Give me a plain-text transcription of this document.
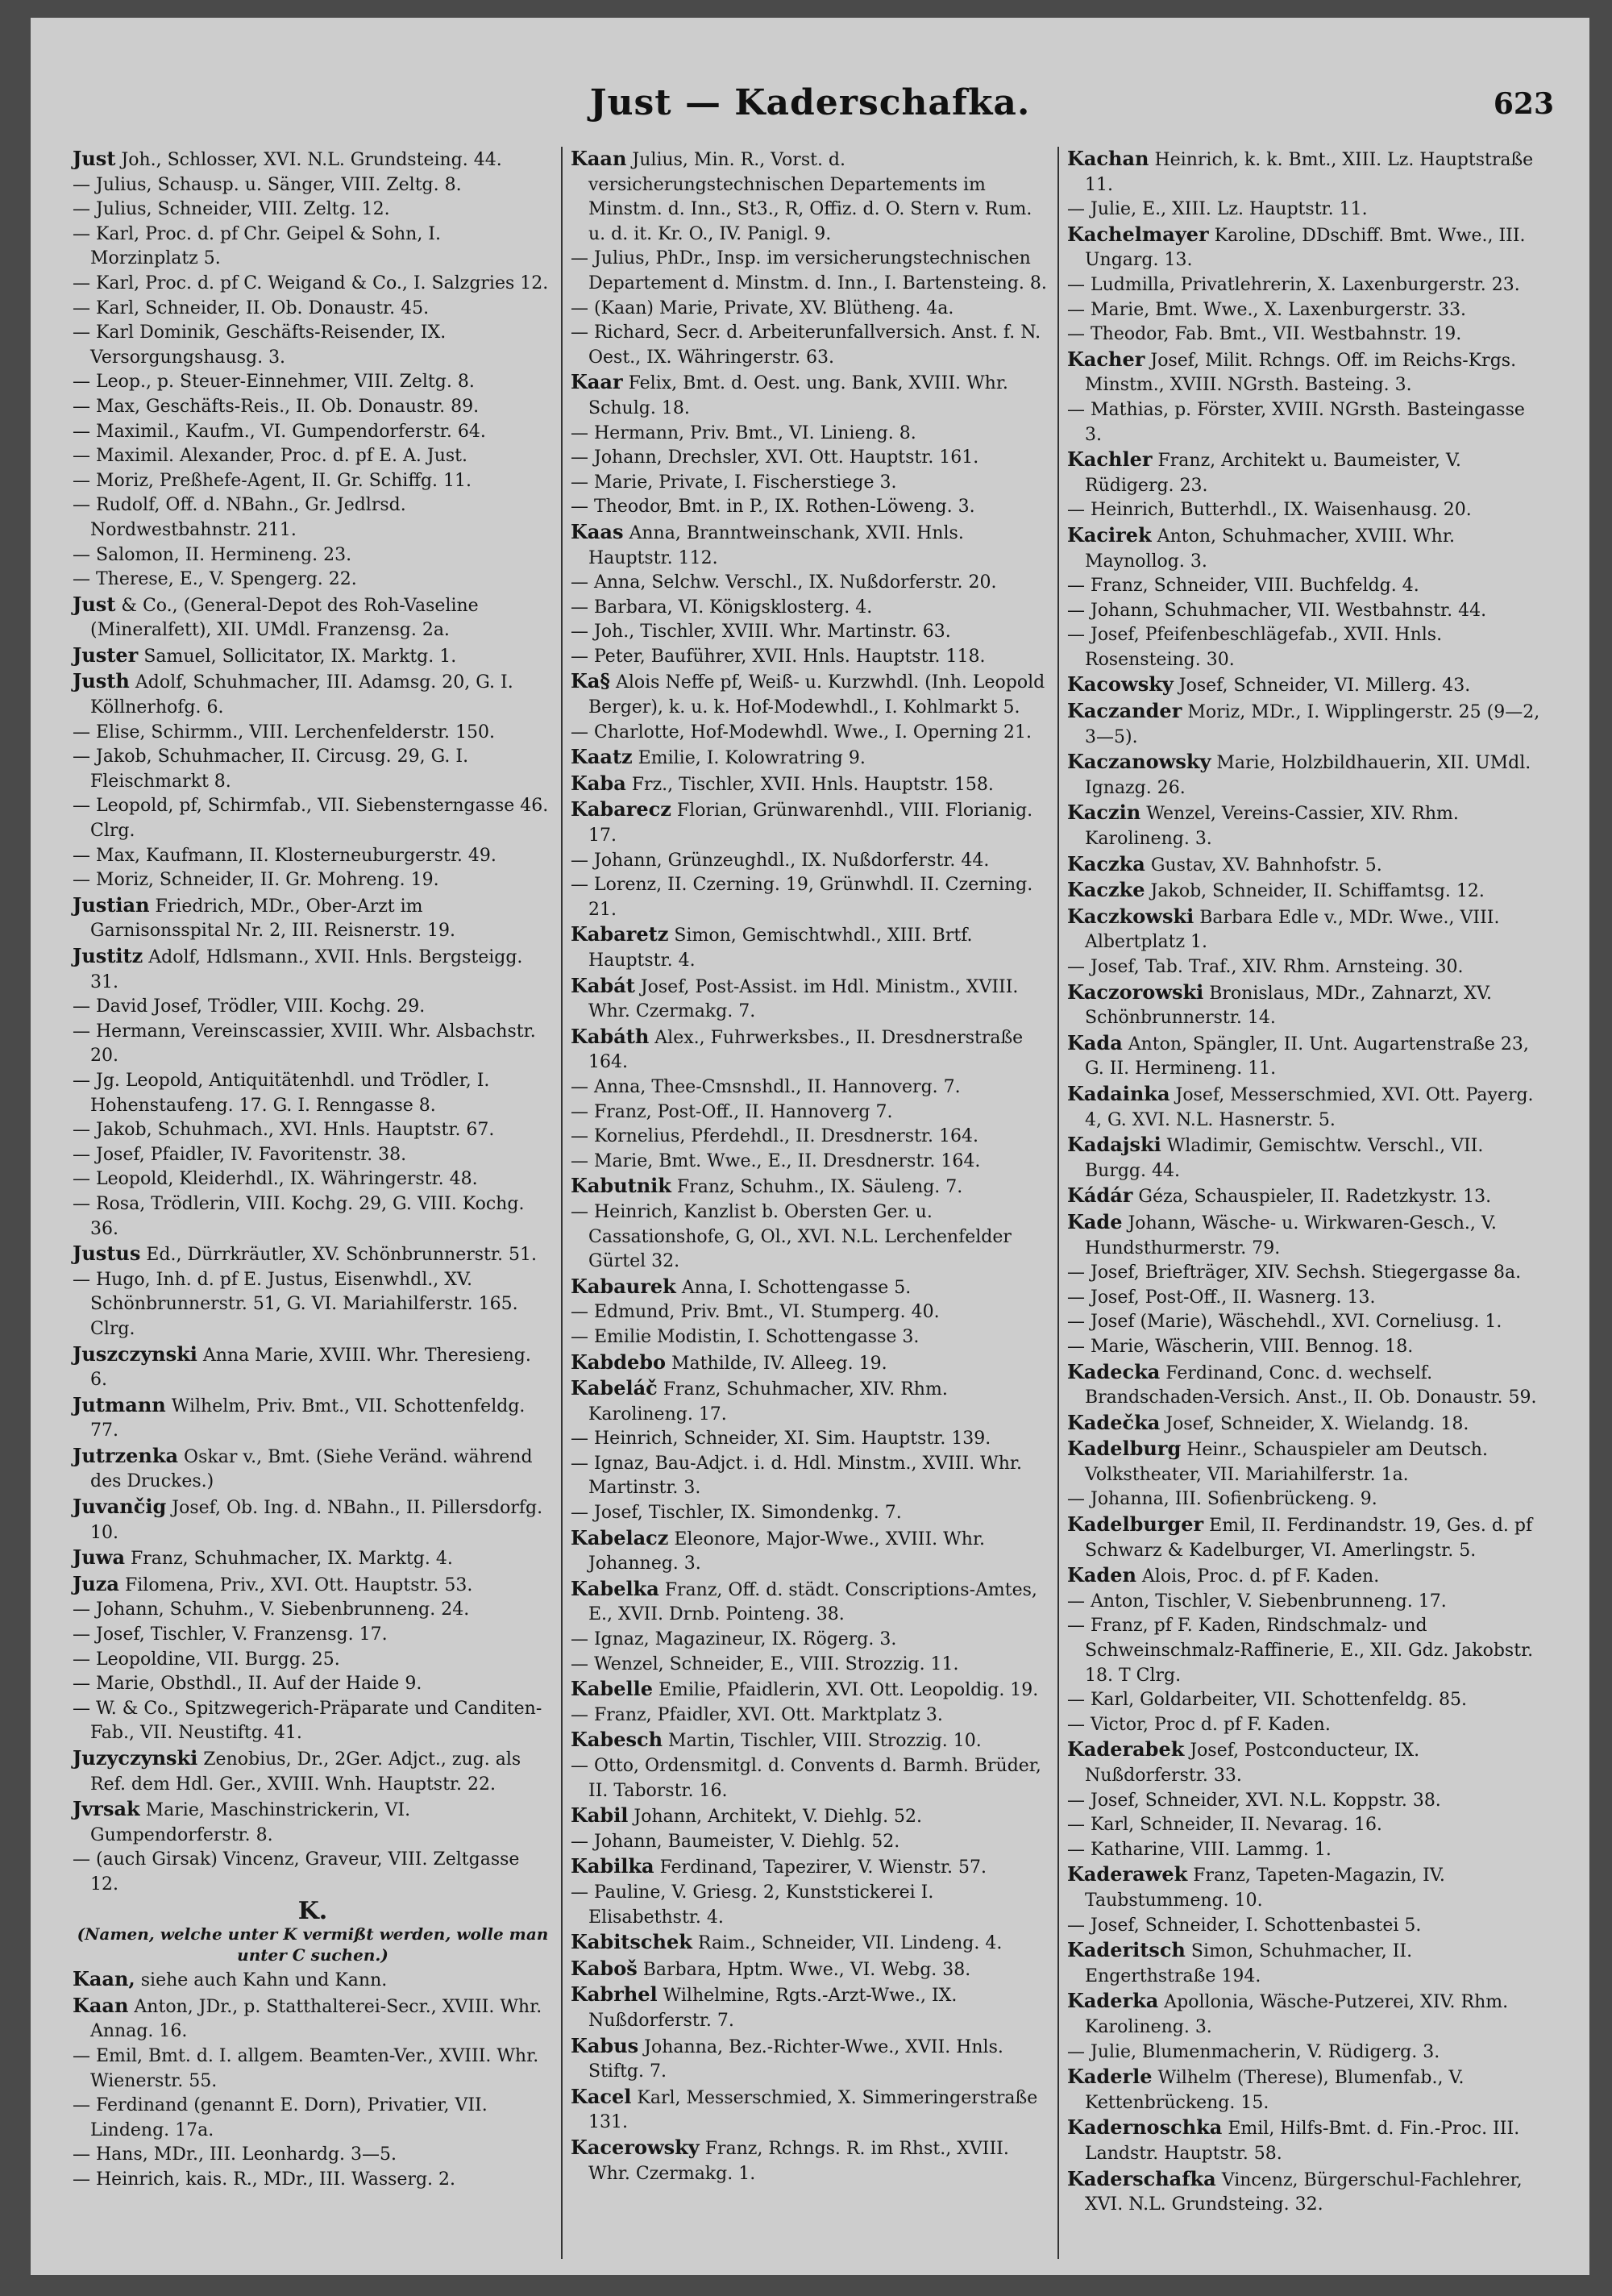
Just — Kaderschafka.	623

Just Joh., Schlosser, XVI. N.L. Grundsteing. 44.

— Julius, Schausp. u. Sänger, VIII. Zeltg. 8.

— Julius, Schneider, VIII. Zeltg. 12.

— Karl, Proc. d. pf Chr. Geipel & Sohn, I. Morzinplatz 5.

— Karl, Proc. d. pf C. Weigand & Co., I. Salzgries 12.

— Karl, Schneider, II. Ob. Donaustr. 45.

— Karl Dominik, Geschäfts-Reisender, IX. Versorgungshausg. 3.

— Leop., p. Steuer-Einnehmer, VIII. Zeltg. 8.

— Max, Geschäfts-Reis., II. Ob. Donaustr. 89.

— Maximil., Kaufm., VI. Gumpendorferstr. 64.

— Maximil. Alexander, Proc. d. pf E. A. Just.

— Moriz, Preßhefe-Agent, II. Gr. Schiffg. 11.

— Rudolf, Off. d. NBahn., Gr. Jedlrsd. Nordwestbahnstr. 211.

— Salomon, II. Hermineng. 23.

— Therese, E., V. Spengerg. 22.

Just & Co., (General-Depot des Roh-Vaseline (Mineralfett), XII. UMdl. Franzensg. 2a.

Juster Samuel, Sollicitator, IX. Marktg. 1.

Justh Adolf, Schuhmacher, III. Adamsg. 20, G. I. Köllnerhofg. 6.

— Elise, Schirmm., VIII. Lerchenfelderstr. 150.

— Jakob, Schuhmacher, II. Circusg. 29, G. I. Fleischmarkt 8.

— Leopold, pf, Schirmfab., VII. Siebensterngasse 46. Clrg.

— Max, Kaufmann, II. Klosterneuburgerstr. 49.

— Moriz, Schneider, II. Gr. Mohreng. 19.

Justian Friedrich, MDr., Ober-Arzt im Garnisonsspital Nr. 2, III. Reisnerstr. 19.

Justitz Adolf, Hdlsmann., XVII. Hnls. Bergsteigg. 31.

— David Josef, Trödler, VIII. Kochg. 29.

— Hermann, Vereinscassier, XVIII. Whr. Alsbachstr. 20.

— Jg. Leopold, Antiquitätenhdl. und Trödler, I. Hohenstaufeng. 17. G. I. Renngasse 8.

— Jakob, Schuhmach., XVI. Hnls. Hauptstr. 67.

— Josef, Pfaidler, IV. Favoritenstr. 38.

— Leopold, Kleiderhdl., IX. Währingerstr. 48.

— Rosa, Trödlerin, VIII. Kochg. 29, G. VIII. Kochg. 36.

Justus Ed., Dürrkräutler, XV. Schönbrunnerstr. 51.

— Hugo, Inh. d. pf E. Justus, Eisenwhdl., XV. Schönbrunnerstr. 51, G. VI. Mariahilferstr. 165. Clrg.

Juszczynski Anna Marie, XVIII. Whr. Theresieng. 6.

Jutmann Wilhelm, Priv. Bmt., VII. Schottenfeldg. 77.

Jutrzenka Oskar v., Bmt. (Siehe Veränd. während des Druckes.)

Juvančig Josef, Ob. Ing. d. NBahn., II. Pillersdorfg. 10.

Juwa Franz, Schuhmacher, IX. Marktg. 4.

Juza Filomena, Priv., XVI. Ott. Hauptstr. 53.

— Johann, Schuhm., V. Siebenbrunneng. 24.

— Josef, Tischler, V. Franzensg. 17.

— Leopoldine, VII. Burgg. 25.

— Marie, Obsthdl., II. Auf der Haide 9.

— W. & Co., Spitzwegerich-Präparate und Canditen-Fab., VII. Neustiftg. 41.

Juzyczynski Zenobius, Dr., 2Ger. Adjct., zug. als Ref. dem Hdl. Ger., XVIII. Wnh. Hauptstr. 22.

Jvrsak Marie, Maschinstrickerin, VI. Gumpendorferstr. 8.

— (auch Girsak) Vincenz, Graveur, VIII. Zeltgasse 12.

K.
(Namen, welche unter K vermißt werden, wolle man unter C suchen.)

Kaan, siehe auch Kahn und Kann.

Kaan Anton, JDr., p. Statthalterei-Secr., XVIII. Whr. Annag. 16.

— Emil, Bmt. d. I. allgem. Beamten-Ver., XVIII. Whr. Wienerstr. 55.

— Ferdinand (genannt E. Dorn), Privatier, VII. Lindeng. 17a.

— Hans, MDr., III. Leonhardg. 3—5.

— Heinrich, kais. R., MDr., III. Wasserg. 2.

Kaan Julius, Min. R., Vorst. d. versicherungstechnischen Departements im Minstm. d. Inn., St3., R, Offiz. d. O. Stern v. Rum. u. d. it. Kr. O., IV. Panigl. 9.

— Julius, PhDr., Insp. im versicherungstechnischen Departement d. Minstm. d. Inn., I. Bartensteing. 8.

— (Kaan) Marie, Private, XV. Blütheng. 4a.

— Richard, Secr. d. Arbeiterunfallversich. Anst. f. N. Oest., IX. Währingerstr. 63.

Kaar Felix, Bmt. d. Oest. ung. Bank, XVIII. Whr. Schulg. 18.

— Hermann, Priv. Bmt., VI. Linieng. 8.

— Johann, Drechsler, XVI. Ott. Hauptstr. 161.

— Marie, Private, I. Fischerstiege 3.

— Theodor, Bmt. in P., IX. Rothen-Löweng. 3.

Kaas Anna, Branntweinschank, XVII. Hnls. Hauptstr. 112.

— Anna, Selchw. Verschl., IX. Nußdorferstr. 20.

— Barbara, VI. Königsklosterg. 4.

— Joh., Tischler, XVIII. Whr. Martinstr. 63.

— Peter, Bauführer, XVII. Hnls. Hauptstr. 118.

Ka§ Alois Neffe pf, Weiß- u. Kurzwhdl. (Inh. Leopold Berger), k. u. k. Hof-Modewhdl., I. Kohlmarkt 5.

— Charlotte, Hof-Modewhdl. Wwe., I. Operning 21.

Kaatz Emilie, I. Kolowratring 9.

Kaba Frz., Tischler, XVII. Hnls. Hauptstr. 158.

Kabarecz Florian, Grünwarenhdl., VIII. Florianig. 17.

— Johann, Grünzeughdl., IX. Nußdorferstr. 44.

— Lorenz, II. Czerning. 19, Grünwhdl. II. Czerning. 21.

Kabaretz Simon, Gemischtwhdl., XIII. Brtf. Hauptstr. 4.

Kabát Josef, Post-Assist. im Hdl. Ministm., XVIII. Whr. Czermakg. 7.

Kabáth Alex., Fuhrwerksbes., II. Dresdnerstraße 164.

— Anna, Thee-Cmsnshdl., II. Hannoverg. 7.

— Franz, Post-Off., II. Hannoverg 7.

— Kornelius, Pferdehdl., II. Dresdnerstr. 164.

— Marie, Bmt. Wwe., E., II. Dresdnerstr. 164.

Kabutnik Franz, Schuhm., IX. Säuleng. 7.

— Heinrich, Kanzlist b. Obersten Ger. u. Cassationshofe, G, Ol., XVI. N.L. Lerchenfelder Gürtel 32.

Kabaurek Anna, I. Schottengasse 5.

— Edmund, Priv. Bmt., VI. Stumperg. 40.

— Emilie Modistin, I. Schottengasse 3.

Kabdebo Mathilde, IV. Alleeg. 19.

Kabeláč Franz, Schuhmacher, XIV. Rhm. Karolineng. 17.

— Heinrich, Schneider, XI. Sim. Hauptstr. 139.

— Ignaz, Bau-Adjct. i. d. Hdl. Minstm., XVIII. Whr. Martinstr. 3.

— Josef, Tischler, IX. Simondenkg. 7.

Kabelacz Eleonore, Major-Wwe., XVIII. Whr. Johanneg. 3.

Kabelka Franz, Off. d. städt. Conscriptions-Amtes, E., XVII. Drnb. Pointeng. 38.

— Ignaz, Magazineur, IX. Rögerg. 3.

— Wenzel, Schneider, E., VIII. Strozzig. 11.

Kabelle Emilie, Pfaidlerin, XVI. Ott. Leopoldig. 19.

— Franz, Pfaidler, XVI. Ott. Marktplatz 3.

Kabesch Martin, Tischler, VIII. Strozzig. 10.

— Otto, Ordensmitgl. d. Convents d. Barmh. Brüder, II. Taborstr. 16.

Kabil Johann, Architekt, V. Diehlg. 52.

— Johann, Baumeister, V. Diehlg. 52.

Kabilka Ferdinand, Tapezirer, V. Wienstr. 57.

— Pauline, V. Griesg. 2, Kunststickerei I. Elisabethstr. 4.

Kabitschek Raim., Schneider, VII. Lindeng. 4.

Kaboš Barbara, Hptm. Wwe., VI. Webg. 38.

Kabrhel Wilhelmine, Rgts.-Arzt-Wwe., IX. Nußdorferstr. 7.

Kabus Johanna, Bez.-Richter-Wwe., XVII. Hnls. Stiftg. 7.

Kacel Karl, Messerschmied, X. Simmeringerstraße 131.

Kacerowsky Franz, Rchngs. R. im Rhst., XVIII. Whr. Czermakg. 1.

Kachan Heinrich, k. k. Bmt., XIII. Lz. Hauptstraße 11.

— Julie, E., XIII. Lz. Hauptstr. 11.

Kachelmayer Karoline, DDschiff. Bmt. Wwe., III. Ungarg. 13.

— Ludmilla, Privatlehrerin, X. Laxenburgerstr. 23.

— Marie, Bmt. Wwe., X. Laxenburgerstr. 33.

— Theodor, Fab. Bmt., VII. Westbahnstr. 19.

Kacher Josef, Milit. Rchngs. Off. im Reichs-Krgs. Minstm., XVIII. NGrsth. Basteing. 3.

— Mathias, p. Förster, XVIII. NGrsth. Basteingasse 3.

Kachler Franz, Architekt u. Baumeister, V. Rüdigerg. 23.

— Heinrich, Butterhdl., IX. Waisenhausg. 20.

Kacirek Anton, Schuhmacher, XVIII. Whr. Maynollog. 3.

— Franz, Schneider, VIII. Buchfeldg. 4.

— Johann, Schuhmacher, VII. Westbahnstr. 44.

— Josef, Pfeifenbeschlägefab., XVII. Hnls. Rosensteing. 30.

Kacowsky Josef, Schneider, VI. Millerg. 43.

Kaczander Moriz, MDr., I. Wipplingerstr. 25 (9—2, 3—5).

Kaczanowsky Marie, Holzbildhauerin, XII. UMdl. Ignazg. 26.

Kaczin Wenzel, Vereins-Cassier, XIV. Rhm. Karolineng. 3.

Kaczka Gustav, XV. Bahnhofstr. 5.

Kaczke Jakob, Schneider, II. Schiffamtsg. 12.

Kaczkowski Barbara Edle v., MDr. Wwe., VIII. Albertplatz 1.

— Josef, Tab. Traf., XIV. Rhm. Arnsteing. 30.

Kaczorowski Bronislaus, MDr., Zahnarzt, XV. Schönbrunnerstr. 14.

Kada Anton, Spängler, II. Unt. Augartenstraße 23, G. II. Hermineng. 11.

Kadainka Josef, Messerschmied, XVI. Ott. Payerg. 4, G. XVI. N.L. Hasnerstr. 5.

Kadajski Wladimir, Gemischtw. Verschl., VII. Burgg. 44.

Kádár Géza, Schauspieler, II. Radetzkystr. 13.

Kade Johann, Wäsche- u. Wirkwaren-Gesch., V. Hundsthurmerstr. 79.

— Josef, Briefträger, XIV. Sechsh. Stiegergasse 8a.

— Josef, Post-Off., II. Wasnerg. 13.

— Josef (Marie), Wäschehdl., XVI. Corneliusg. 1.

— Marie, Wäscherin, VIII. Bennog. 18.

Kadecka Ferdinand, Conc. d. wechself. Brandschaden-Versich. Anst., II. Ob. Donaustr. 59.

Kadečka Josef, Schneider, X. Wielandg. 18.

Kadelburg Heinr., Schauspieler am Deutsch. Volkstheater, VII. Mariahilferstr. 1a.

— Johanna, III. Sofienbrückeng. 9.

Kadelburger Emil, II. Ferdinandstr. 19, Ges. d. pf Schwarz & Kadelburger, VI. Amerlingstr. 5.

Kaden Alois, Proc. d. pf F. Kaden.

— Anton, Tischler, V. Siebenbrunneng. 17.

— Franz, pf F. Kaden, Rindschmalz- und Schweinschmalz-Raffinerie, E., XII. Gdz. Jakobstr. 18. T Clrg.

— Karl, Goldarbeiter, VII. Schottenfeldg. 85.

— Victor, Proc d. pf F. Kaden.

Kaderabek Josef, Postconducteur, IX. Nußdorferstr. 33.

— Josef, Schneider, XVI. N.L. Koppstr. 38.

— Karl, Schneider, II. Nevarag. 16.

— Katharine, VIII. Lammg. 1.

Kaderawek Franz, Tapeten-Magazin, IV. Taubstummeng. 10.

— Josef, Schneider, I. Schottenbastei 5.

Kaderitsch Simon, Schuhmacher, II. Engerthstraße 194.

Kaderka Apollonia, Wäsche-Putzerei, XIV. Rhm. Karolineng. 3.

— Julie, Blumenmacherin, V. Rüdigerg. 3.

Kaderle Wilhelm (Therese), Blumenfab., V. Kettenbrückeng. 15.

Kadernoschka Emil, Hilfs-Bmt. d. Fin.-Proc. III. Landstr. Hauptstr. 58.

Kaderschafka Vincenz, Bürgerschul-Fachlehrer, XVI. N.L. Grundsteing. 32.
